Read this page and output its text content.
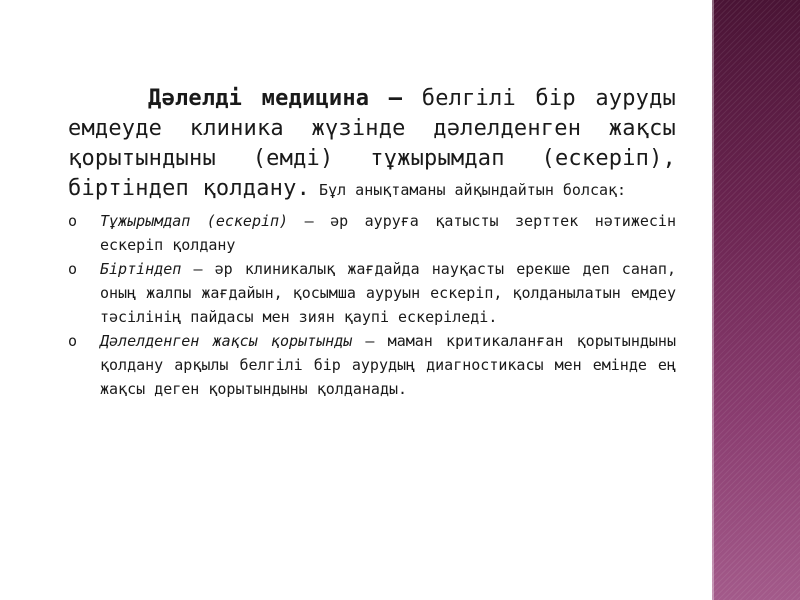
Дәлелді медицина – белгілі бір ауруды емдеуде клиника жүзінде дәлелденген жақсы қорытындыны (емді) тұжырымдап (ескеріп), біртіндеп қолдану. Бұл анықтаманы айқындайтын болсақ:

o Тұжырымдап (ескеріп) – әр ауруға қатысты зерттек нәтижесін ескеріп қолдану
o Біртіндеп – әр клиникалық жағдайда науқасты ерекше деп санап, оның жалпы жағдайын, қосымша ауруын ескеріп, қолданылатын емдеу тәсілінің пайдасы мен зиян қаупі ескеріледі.
o Дәлелденген жақсы қорытынды – маман критикаланған қорытындыны қолдану арқылы белгілі бір аурудың диагностикасы мен емінде ең жақсы деген қорытындыны қолданады.
